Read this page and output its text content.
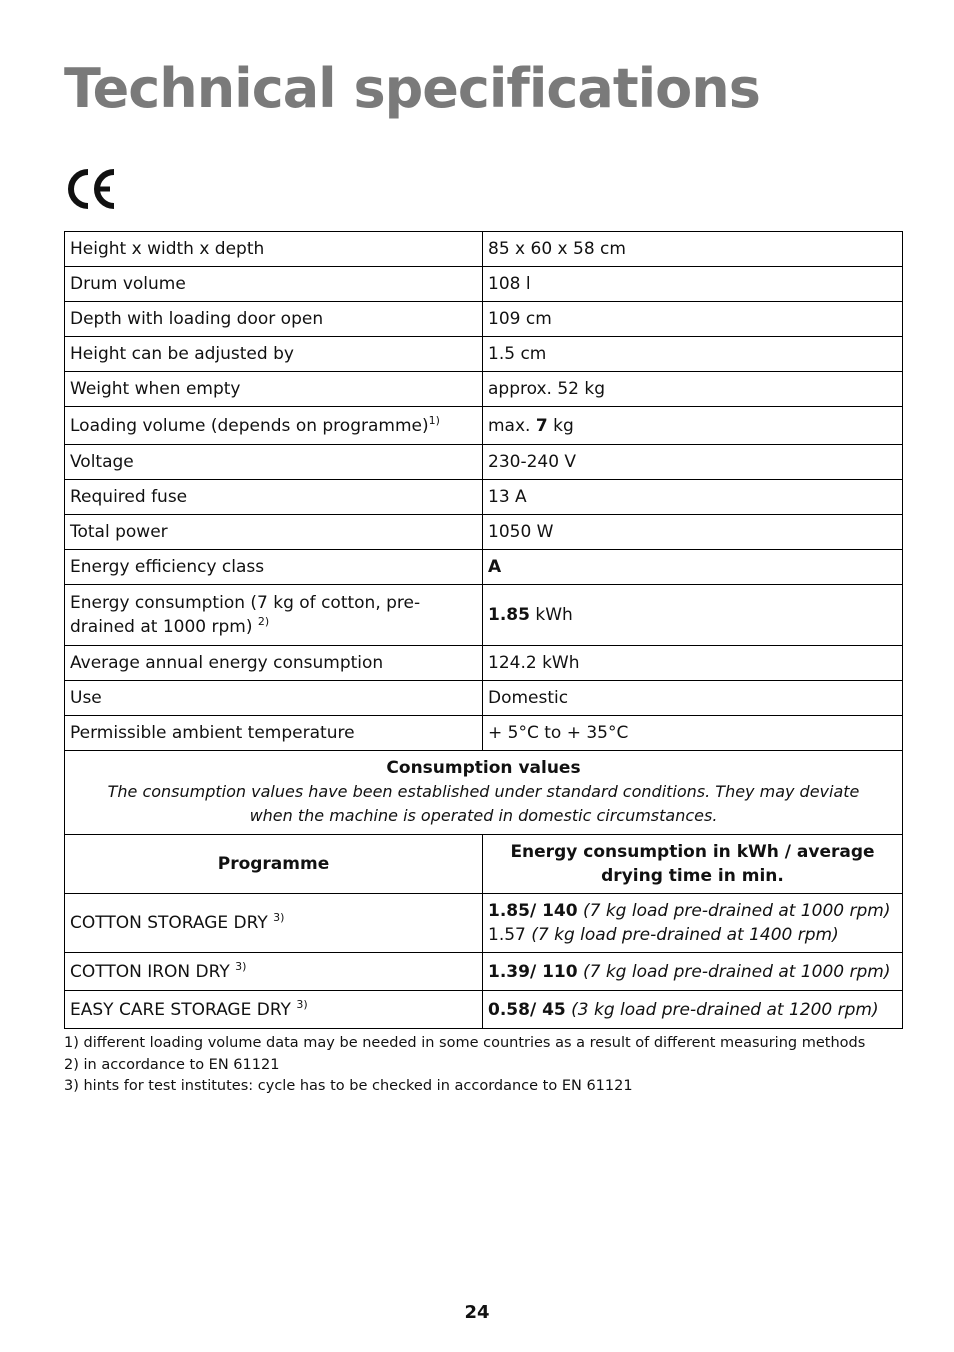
Technical specifications
Height x width x depth	85 x 60 x 58 cm
Drum volume	108 l
Depth with loading door open	109 cm
Height can be adjusted by	1.5 cm
Weight when empty	approx. 52 kg
Loading volume (depends on programme)$^{1)}$	max. 7 kg
Voltage	230-240 V
Required fuse	13 A
Total power	1050 W
Energy efficiency class	A
Energy consumption (7 kg of cotton, pre-drained at 1000 rpm) $^{2)}$	1.85 kWh
Average annual energy consumption	124.2 kWh
Use	Domestic
Permissible ambient temperature	+ 5°C to + 35°C

Consumption values
The consumption values have been established under standard conditions. They may deviate when the machine is operated in domestic circumstances.	

Programme	Energy consumption in kWh / average drying time in min.
COTTON STORAGE DRY $^{3)}$	1.85/ 140 (7 kg load pre-drained at 1000 rpm)
1.57 (7 kg load pre-drained at 1400 rpm)

COTTON IRON DRY $^{3)}$	1.39/ 110 (7 kg load pre-drained at 1000 rpm)
EASY CARE STORAGE DRY $^{3)}$	0.58/ 45 (3 kg load pre-drained at 1200 rpm)
1) different loading volume data may be needed in some countries as a result of different measuring methods
2) in accordance to EN 61121
3) hints for test institutes: cycle has to be checked in accordance to EN 61121
24
